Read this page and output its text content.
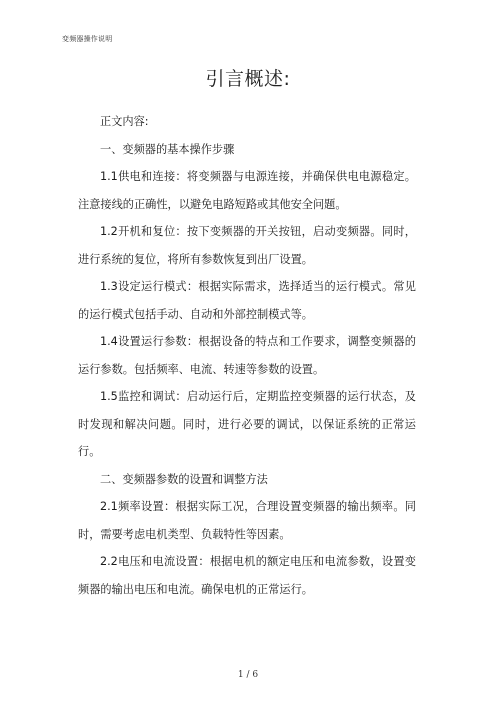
变频器操作说明
引言概述:

正文内容:

一、变频器的基本操作步骤

1.1供电和连接：将变频器与电源连接，并确保供电电源稳定。注意接线的正确性，以避免电路短路或其他安全问题。

1.2开机和复位：按下变频器的开关按钮，启动变频器。同时，进行系统的复位，将所有参数恢复到出厂设置。

1.3设定运行模式：根据实际需求，选择适当的运行模式。常见的运行模式包括手动、自动和外部控制模式等。

1.4设置运行参数：根据设备的特点和工作要求，调整变频器的运行参数。包括频率、电流、转速等参数的设置。

1.5监控和调试：启动运行后，定期监控变频器的运行状态，及时发现和解决问题。同时，进行必要的调试，以保证系统的正常运行。

二、变频器参数的设置和调整方法

2.1频率设置：根据实际工况，合理设置变频器的输出频率。同时，需要考虑电机类型、负载特性等因素。

2.2电压和电流设置：根据电机的额定电压和电流参数，设置变频器的输出电压和电流。确保电机的正常运行。

1 / 6
